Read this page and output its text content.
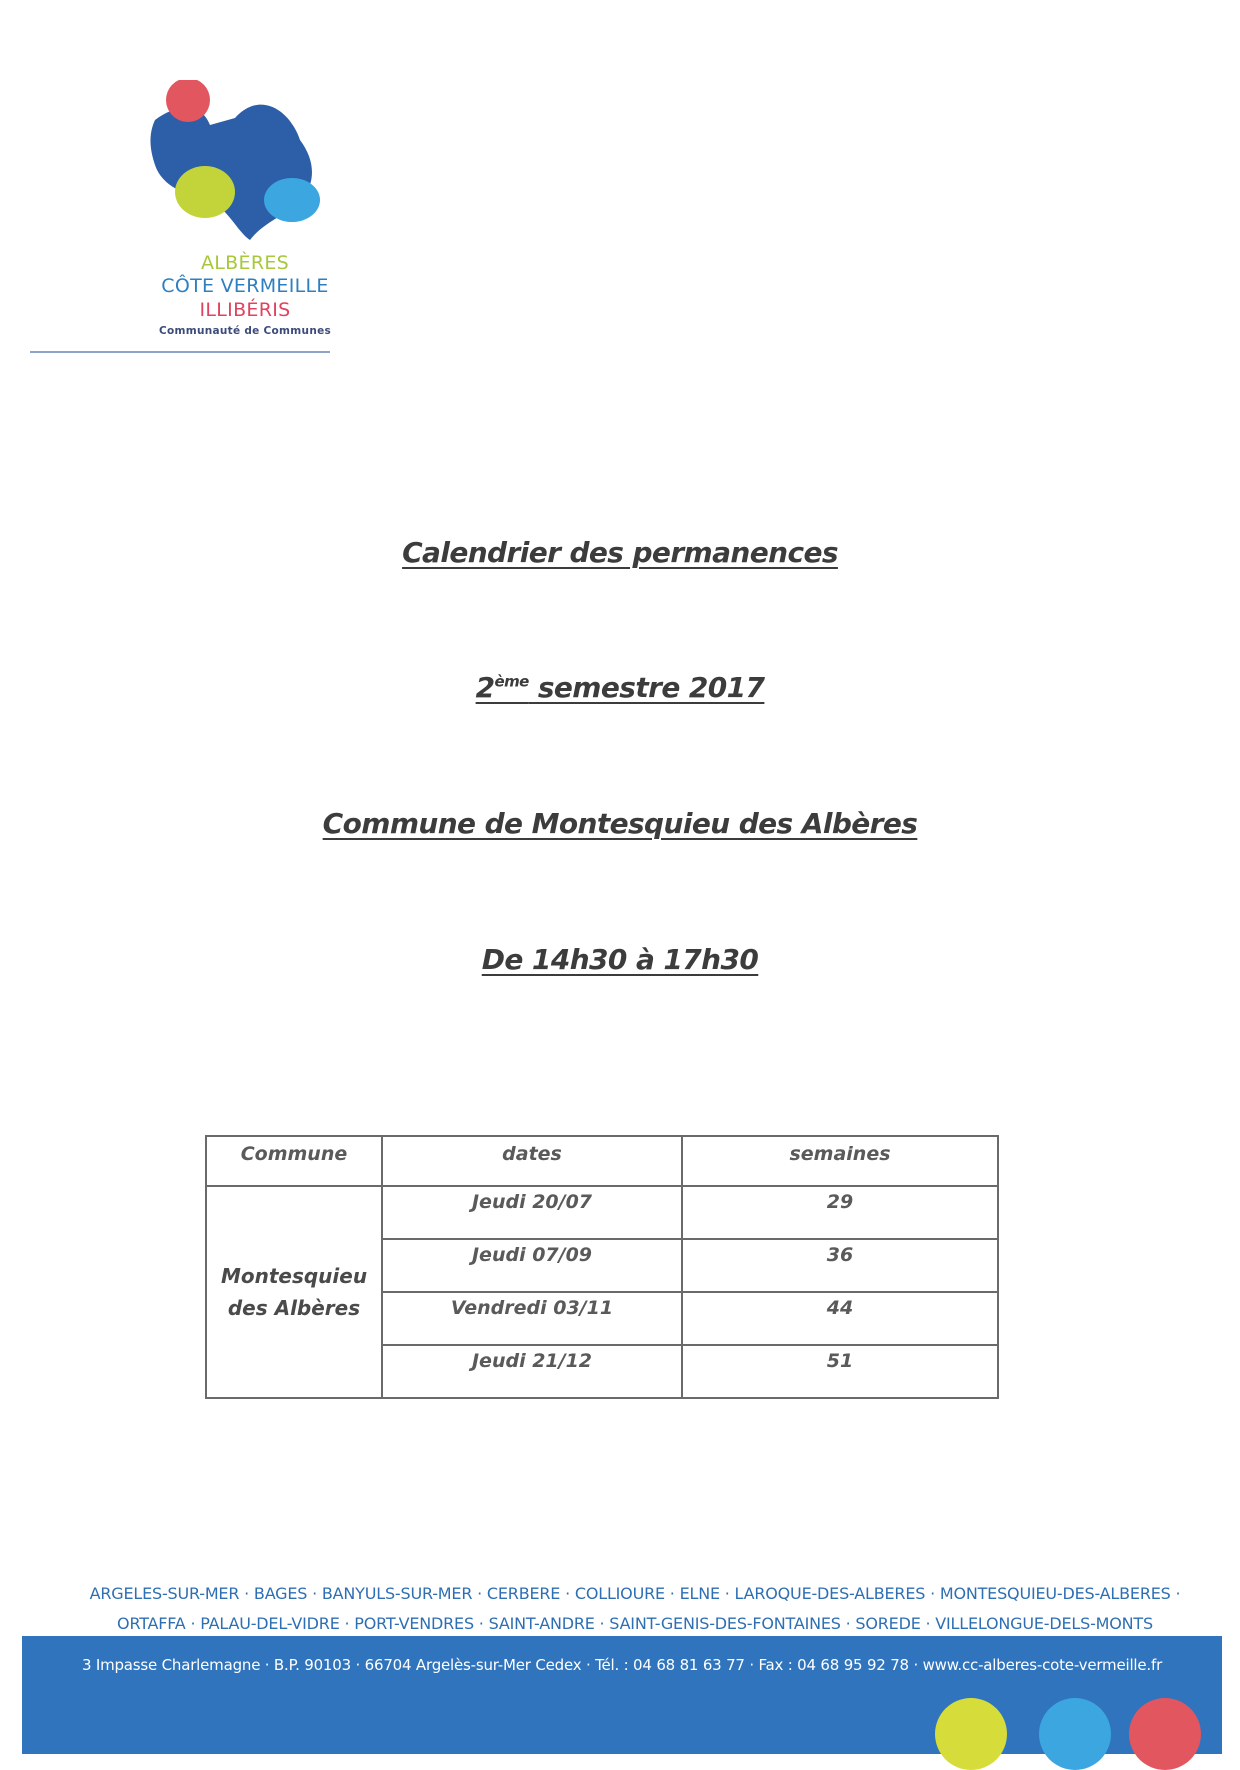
ALBÈRES
CÔTE VERMEILLE
ILLIBÉRIS
Communauté de Communes
Calendrier des permanences
2ème semestre 2017
Commune de Montesquieu des Albères
De 14h30 à 17h30
Commune	dates	semaines

Montesquieu
des Albères	Jeudi 20/07	29
	Jeudi 07/09	36
	Vendredi 03/11	44
	Jeudi 21/12	51
ARGELES-SUR-MER · BAGES · BANYULS-SUR-MER · CERBERE · COLLIOURE · ELNE · LAROQUE-DES-ALBERES · MONTESQUIEU-DES-ALBERES ·
ORTAFFA · PALAU-DEL-VIDRE · PORT-VENDRES · SAINT-ANDRE · SAINT-GENIS-DES-FONTAINES · SOREDE · VILLELONGUE-DELS-MONTS
3 Impasse Charlemagne · B.P. 90103 · 66704 Argelès-sur-Mer Cedex · Tél. : 04 68 81 63 77 · Fax : 04 68 95 92 78 · www.cc-alberes-cote-vermeille.fr
